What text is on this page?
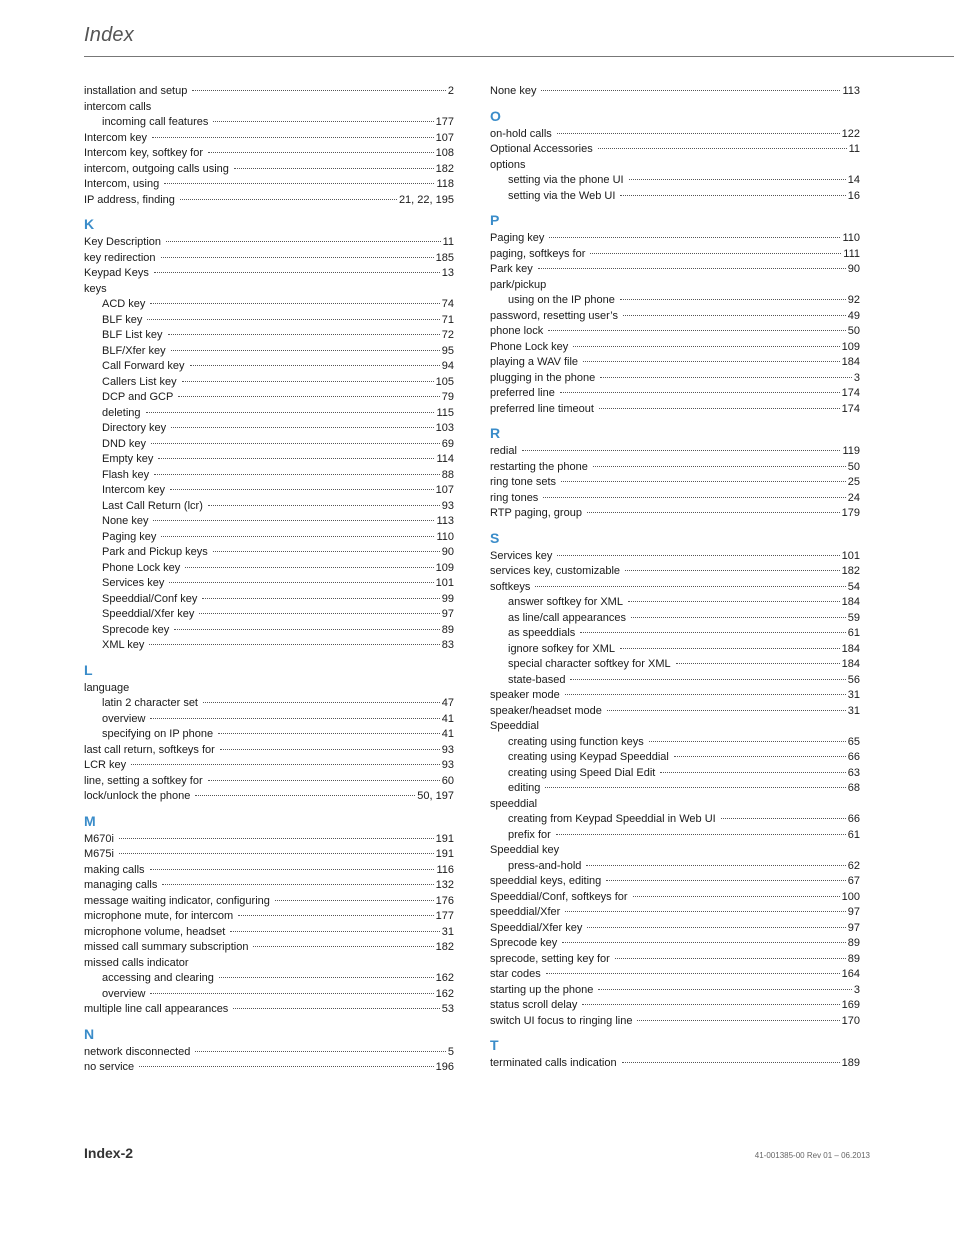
Index
installation and setup	2
intercom calls
incoming call features	177
Intercom key	107
Intercom key, softkey for	108
intercom, outgoing calls using	182
Intercom, using	118
IP address, finding	21, 22, 195
K
Key Description	11
key redirection	185
Keypad Keys	13
keys
ACD key	74
BLF key	71
BLF List key	72
BLF/Xfer key	95
Call Forward key	94
Callers List key	105
DCP and GCP	79
deleting	115
Directory key	103
DND key	69
Empty key	114
Flash key	88
Intercom key	107
Last Call Return (lcr)	93
None key	113
Paging key	110
Park and Pickup keys	90
Phone Lock key	109
Services key	101
Speeddial/Conf key	99
Speeddial/Xfer key	97
Sprecode key	89
XML key	83
L
language
latin 2 character set	47
overview	41
specifying on IP phone	41
last call return, softkeys for	93
LCR key	93
line, setting a softkey for	60
lock/unlock the phone	50, 197
M
M670i	191
M675i	191
making calls	116
managing calls	132
message waiting indicator, configuring	176
microphone mute, for intercom	177
microphone volume, headset	31
missed call summary subscription	182
missed calls indicator
accessing and clearing	162
overview	162
multiple line call appearances	53
N
network disconnected	5
no service	196
None key	113
O
on-hold calls	122
Optional Accessories	11
options
setting via the phone UI	14
setting via the Web UI	16
P
Paging key	110
paging, softkeys for	111
Park key	90
park/pickup
using on the IP phone	92
password, resetting user’s	49
phone lock	50
Phone Lock key	109
playing a WAV file	184
plugging in the phone	3
preferred line	174
preferred line timeout	174
R
redial	119
restarting the phone	50
ring tone sets	25
ring tones	24
RTP paging, group	179
S
Services key	101
services key, customizable	182
softkeys	54
answer softkey for XML	184
as line/call appearances	59
as speeddials	61
ignore sofkey for XML	184
special character softkey for XML	184
state-based	56
speaker mode	31
speaker/headset mode	31
Speeddial
creating using function keys	65
creating using Keypad Speeddial	66
creating using Speed Dial Edit	63
editing	68
speeddial
creating from Keypad Speeddial in Web UI	66
prefix for	61
Speeddial key
press-and-hold	62
speeddial keys, editing	67
Speeddial/Conf, softkeys for	100
speeddial/Xfer	97
Speeddial/Xfer key	97
Sprecode key	89
sprecode, setting key for	89
star codes	164
starting up the phone	3
status scroll delay	169
switch UI focus to ringing line	170
T
terminated calls indication	189
Index-2	41-001385-00 Rev 01 – 06.2013
